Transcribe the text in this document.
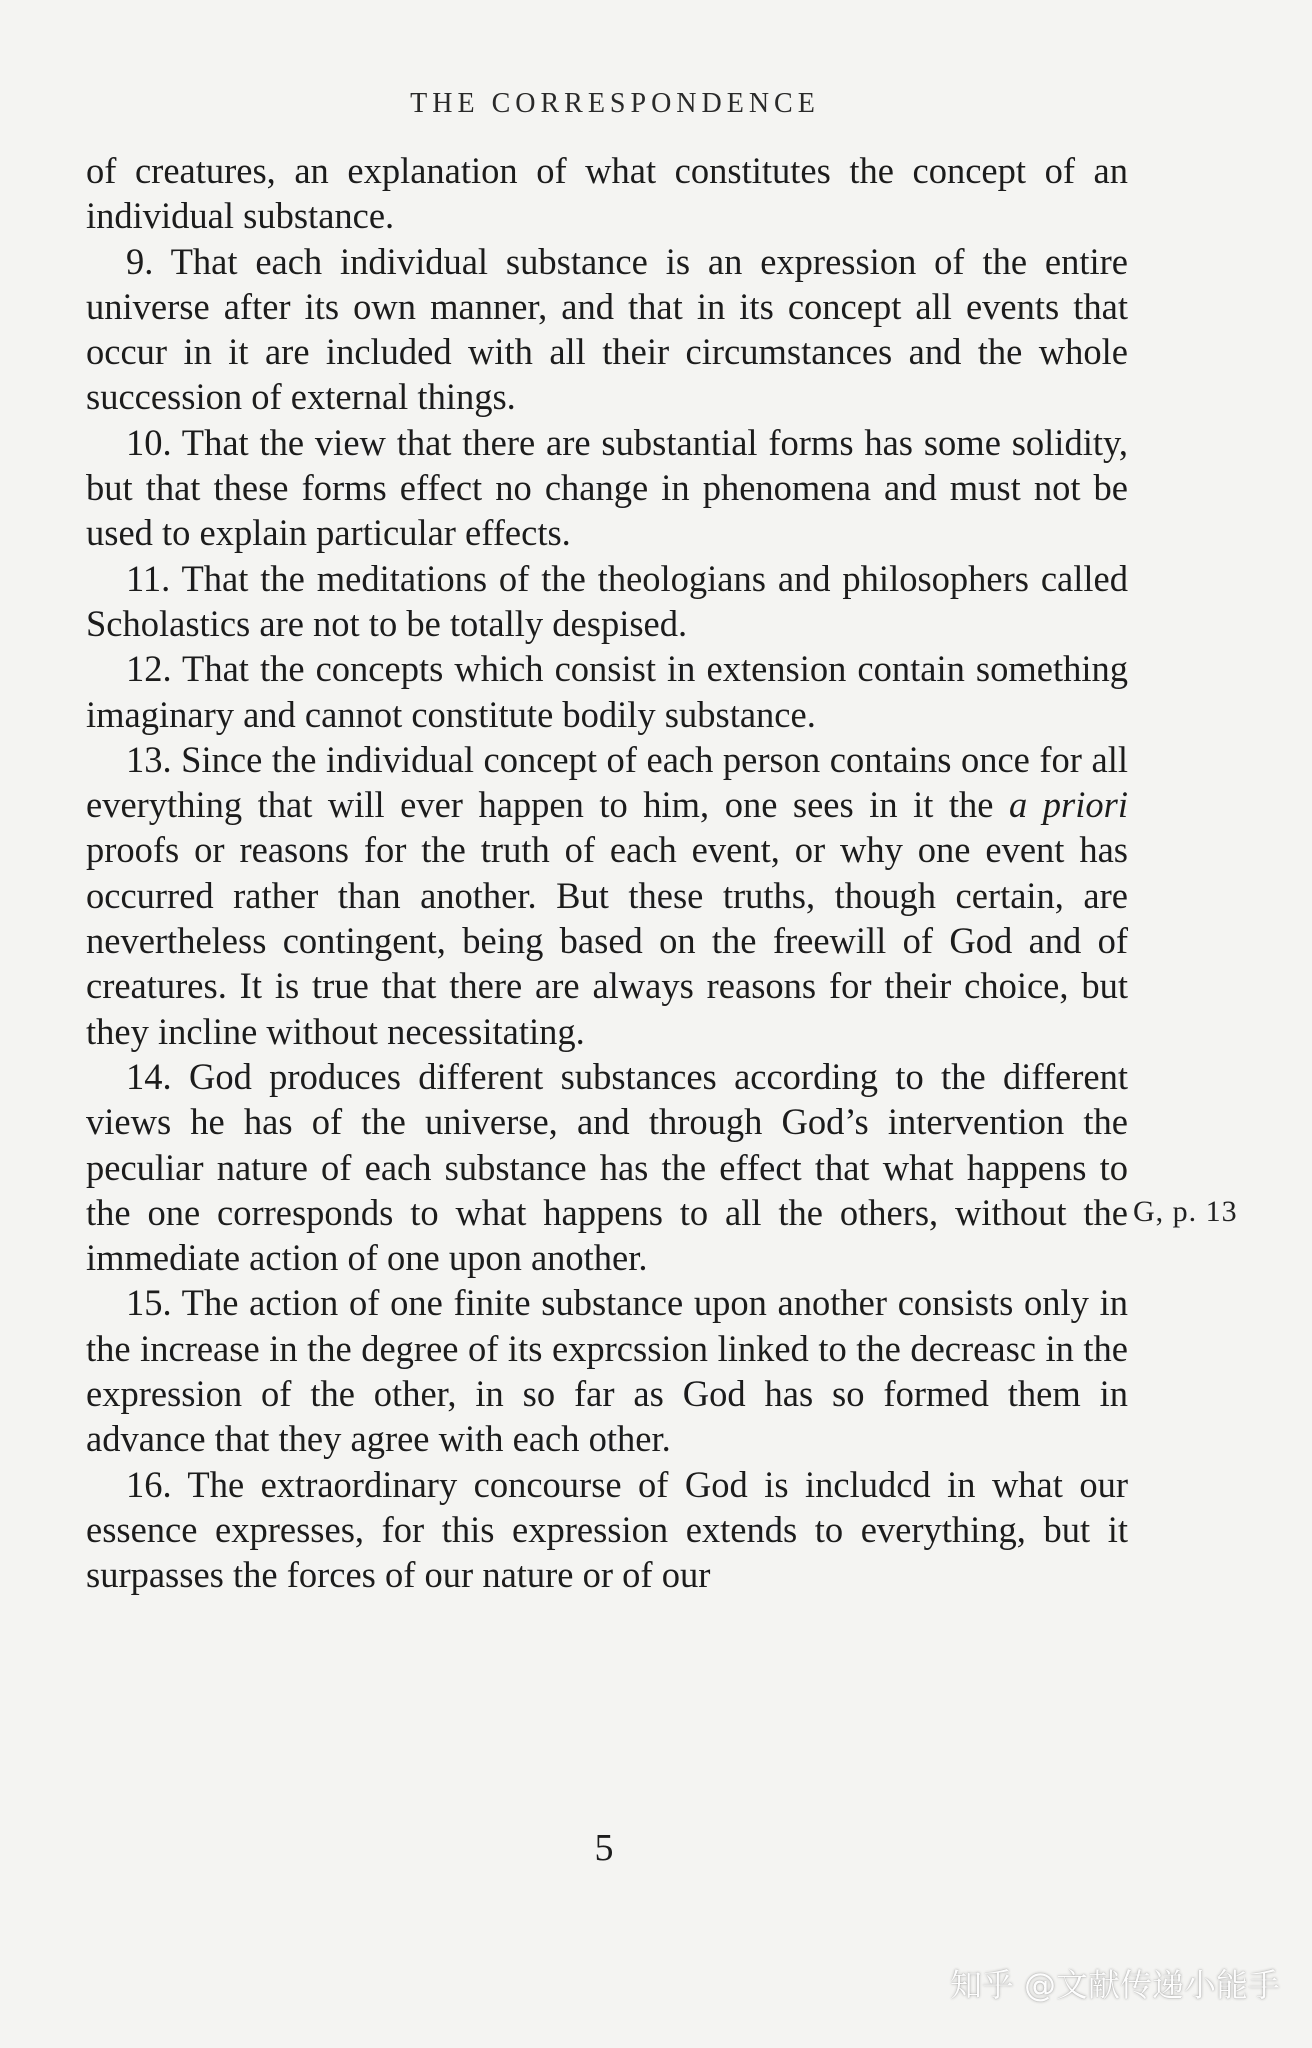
THE CORRESPONDENCE

of creatures, an explanation of what constitutes the concept of an individual substance.

9. That each individual substance is an expression of the entire universe after its own manner, and that in its concept all events that occur in it are included with all their circumstances and the whole succession of external things.

10. That the view that there are substantial forms has some solidity, but that these forms effect no change in phenomena and must not be used to explain particular effects.

11. That the meditations of the theologians and philosophers called Scholastics are not to be totally despised.

12. That the concepts which consist in extension contain something imaginary and cannot constitute bodily substance.

13. Since the individual concept of each person contains once for all everything that will ever happen to him, one sees in it the a priori proofs or reasons for the truth of each event, or why one event has occurred rather than another. But these truths, though certain, are nevertheless contingent, being based on the freewill of God and of creatures. It is true that there are always reasons for their choice, but they incline without necessitating.

14. God produces different substances according to the different views he has of the universe, and through God’s intervention the peculiar nature of each substance has the effect that what happens to the one corresponds to what happens to all the others, without the immediate action of one upon another.

15. The action of one finite substance upon another consists only in the increase in the degree of its exprcssion linked to the decreasc in the expression of the other, in so far as God has so formed them in advance that they agree with each other.

16. The extraordinary concourse of God is includcd in what our essence expresses, for this expression extends to everything, but it surpasses the forces of our nature or of our

G, p. 13
5
知乎 @文献传递小能手
